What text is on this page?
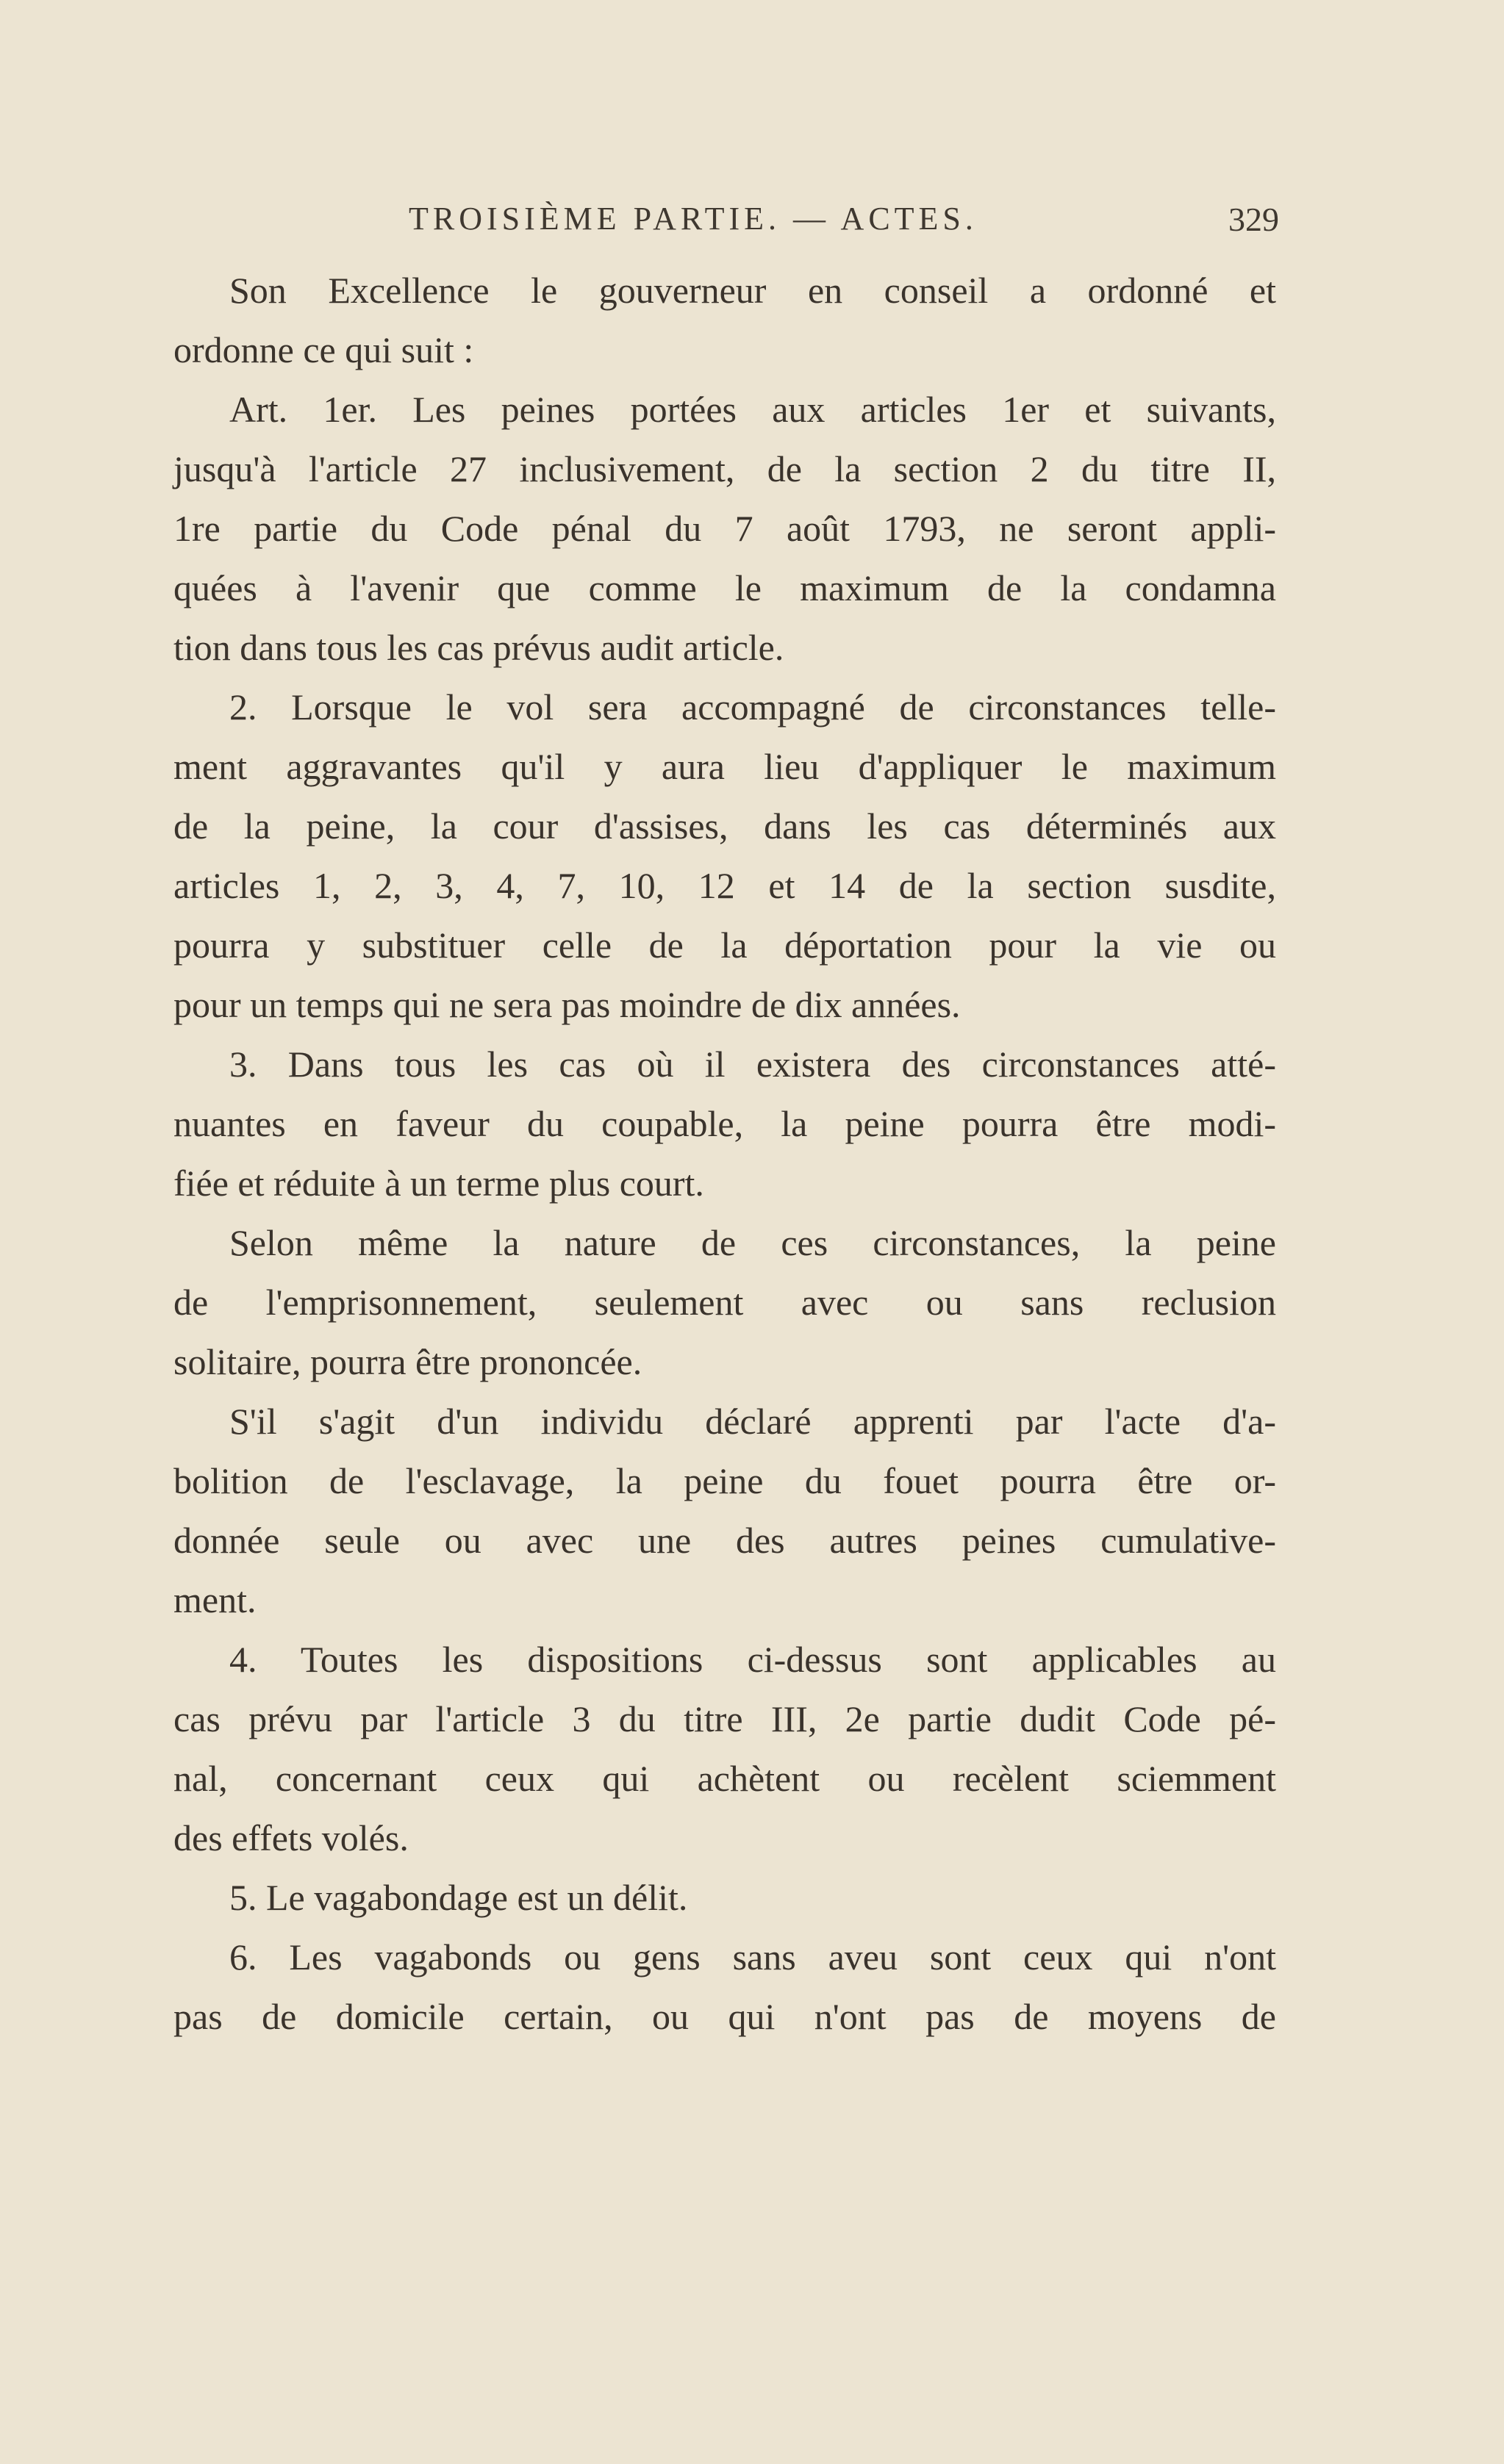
TROISIÈME PARTIE. — ACTES.	329
Son Excellence le gouverneur en conseil a ordonné et
ordonne ce qui suit :
Art. 1er. Les peines portées aux articles 1er et suivants,
jusqu'à l'article 27 inclusivement, de la section 2 du titre II,
1re partie du Code pénal du 7 août 1793, ne seront appli-
quées à l'avenir que comme le maximum de la condamna
tion dans tous les cas prévus audit article.
2. Lorsque le vol sera accompagné de circonstances telle-
ment aggravantes qu'il y aura lieu d'appliquer le maximum
de la peine, la cour d'assises, dans les cas déterminés aux
articles 1, 2, 3, 4, 7, 10, 12 et 14 de la section susdite,
pourra y substituer celle de la déportation pour la vie ou
pour un temps qui ne sera pas moindre de dix années.
3. Dans tous les cas où il existera des circonstances atté-
nuantes en faveur du coupable, la peine pourra être modi-
fiée et réduite à un terme plus court.
Selon même la nature de ces circonstances, la peine
de l'emprisonnement, seulement avec ou sans reclusion
solitaire, pourra être prononcée.
S'il s'agit d'un individu déclaré apprenti par l'acte d'a-
bolition de l'esclavage, la peine du fouet pourra être or-
donnée seule ou avec une des autres peines cumulative-
ment.
4. Toutes les dispositions ci-dessus sont applicables au
cas prévu par l'article 3 du titre III, 2e partie dudit Code pé-
nal, concernant ceux qui achètent ou recèlent sciemment
des effets volés.
5. Le vagabondage est un délit.
6. Les vagabonds ou gens sans aveu sont ceux qui n'ont
pas de domicile certain, ou qui n'ont pas de moyens de
